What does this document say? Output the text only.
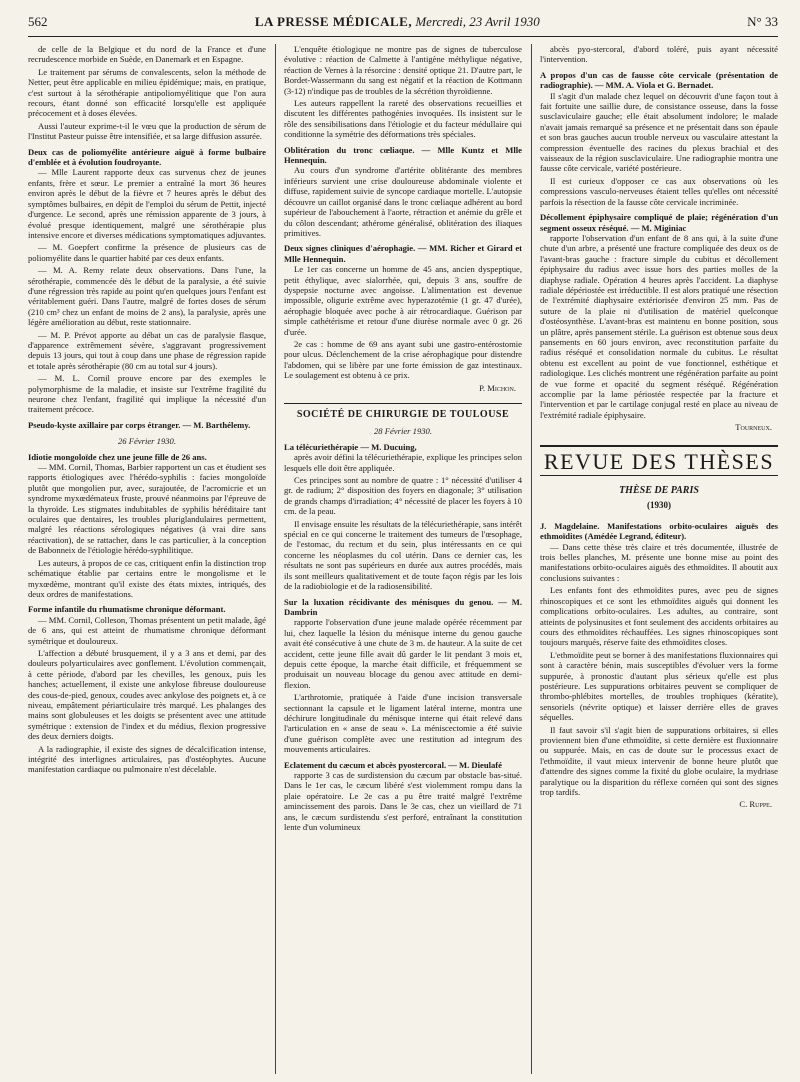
562	LA PRESSE MÉDICALE, Mercredi, 23 Avril 1930	N° 33

de celle de la Belgique et du nord de la France et d'une recrudescence morbide en Suède, en Danemark et en Espagne.

Le traitement par sérums de convalescents, selon la méthode de Netter, peut être applicable en milieu épidémique; mais, en pratique, c'est surtout à la sérothérapie antipoliomyélitique que l'on aura recours, étant donné son efficacité lorsqu'elle est appliquée précocement et à doses élevées.

Aussi l'auteur exprime-t-il le vœu que la production de sérum de l'Institut Pasteur puisse être intensifiée, et sa large diffusion assurée.

Deux cas de poliomyélite antérieure aiguë à forme bulbaire d'emblée et à évolution foudroyante.

— Mlle Laurent rapporte deux cas survenus chez de jeunes enfants, frère et sœur. Le premier a entraîné la mort 36 heures environ après le début de la fièvre et 7 heures après le début des symptômes bulbaires, en dépit de l'emploi du sérum de Pettit, injecté d'urgence. Le second, après une rémission apparente de 3 jours, à évolué presque identiquement, malgré une sérothérapie plus intensive encore et diverses médications symptomatiques adjuvantes.

— M. Goepfert confirme la présence de plusieurs cas de poliomyélite dans le quartier habité par ces deux enfants.

— M. A. Remy relate deux observations. Dans l'une, la sérothérapie, commencée dès le début de la paralysie, a été suivie d'une régression très rapide au point qu'en quelques jours l'enfant est véritablement guéri. Dans l'autre, malgré de fortes doses de sérum (210 cm³ chez un enfant de moins de 2 ans), la paralysie, après une légère amélioration au début, reste stationnaire.

— M. P. Prévot apporte au débat un cas de paralysie flasque, d'apparence extrêmement sévère, s'aggravant progressivement depuis 13 jours, qui tout à coup dans une phase de régression rapide et totale après sérothérapie (80 cm au total sur 4 jours).

— M. L. Cornil prouve encore par des exemples le polymorphisme de la maladie, et insiste sur l'extrême fragilité du neurone chez l'enfant, fragilité qui implique la nécessité d'un traitement précoce.

Pseudo-kyste axillaire par corps étranger. — M. Barthélemy.
26 Février 1930.
Idiotie mongoloïde chez une jeune fille de 26 ans.

— MM. Cornil, Thomas, Barbier rapportent un cas et étudient ses rapports étiologiques avec l'hérédo-syphilis : facies mongoloïde plutôt que mongolien pur, avec, surajoutée, de l'acromicrie et un syndrome myxœdémateux fruste, prouvé néanmoins par l'épreuve de la thyroïde. Les stigmates indubitables de syphilis héréditaire tant oculaires que dentaires, les troubles pluriglandulaires permettent, malgré les réactions sérologiques négatives (à vrai dire sans réactivation), de se rattacher, dans le cas particulier, à la conception de Babonneix de l'étiologie hérédo-syphilitique.

Les auteurs, à propos de ce cas, critiquent enfin la distinction trop schématique établie par certains entre le mongolisme et le myxœdème, montrant qu'il existe des états mixtes, intriqués, des deux ordres de manifestations.

Forme infantile du rhumatisme chronique déformant.

— MM. Cornil, Colleson, Thomas présentent un petit malade, âgé de 6 ans, qui est atteint de rhumatisme chronique déformant symétrique et douloureux.

L'affection a débuté brusquement, il y a 3 ans et demi, par des douleurs polyarticulaires avec gonflement. L'évolution commençait, à cette période, d'abord par les chevilles, les genoux, puis les hanches; actuellement, il existe une ankylose fibreuse douloureuse des cous-de-pied, genoux, coudes avec ankylose des poignets et, à ce niveau, empâtement périarticulaire très marqué. Les phalanges des mains sont globuleuses et les doigts se présentent avec une attitude symétrique : extension de l'index et du médius, flexion progressive des deux derniers doigts.

A la radiographie, il existe des signes de décalcification intense, intégrité des interlignes articulaires, pas d'ostéophytes. Aucune manifestation cardiaque ou pulmonaire n'est décelable.

L'enquête étiologique ne montre pas de signes de tuberculose évolutive : réaction de Calmette à l'antigène méthylique négative, réaction de Vernes à la résorcine : densité optique 21. D'autre part, le Bordet-Wassermann du sang est négatif et la réaction de Kottmann (3-12) n'indique pas de troubles de la sécrétion thyroïdienne.

Les auteurs rappellent la rareté des observations recueillies et discutent les différentes pathogénies invoquées. Ils insistent sur le rôle des sensibilisations dans l'étiologie et du facteur médullaire qui conditionne la symétrie des déformations très spéciales.

Oblitération du tronc cœliaque. — Mlle Kuntz et Mlle Hennequin.

Au cours d'un syndrome d'artérite oblitérante des membres inférieurs survient une crise douloureuse abdominale violente et diffuse, rapidement suivie de syncope cardiaque mortelle. L'autopsie découvre un caillot organisé dans le tronc cœliaque adhérent au bord supérieur de l'abouchement à l'aorte, rétraction et anémie du grêle et du côlon descendant; athérome généralisé, oblitération des iliaques primitives.

Deux signes cliniques d'aérophagie. — MM. Richer et Girard et Mlle Hennequin.

Le 1er cas concerne un homme de 45 ans, ancien dyspeptique, petit éthylique, avec sialorrhée, qui, depuis 3 ans, souffre de dyspepsie nocturne avec angoisse. L'alimentation est devenue impossible, oligurie extrême avec hyperazotémie (1 gr. 47 d'urée), aérophagie bloquée avec poche à air rétrocardiaque. Guérison par simple cathétérisme et retour d'une diurèse normale avec 0 gr. 26 d'urée.

2e cas : homme de 69 ans ayant subi une gastro-entérostomie pour ulcus. Déclenchement de la crise aérophagique pour distendre l'abdomen, qui se libère par une forte émission de gaz intestinaux. Le soulagement est obtenu à ce prix.

P. Michon.
SOCIÉTÉ DE CHIRURGIE DE TOULOUSE
28 Février 1930.
La télécuriethérapie — M. Ducuing,

après avoir défini la télécuriethérapie, explique les principes selon lesquels elle doit être appliquée.

Ces principes sont au nombre de quatre : 1° nécessité d'utiliser 4 gr. de radium; 2° disposition des foyers en diagonale; 3° utilisation de grands champs d'irradiation; 4° nécessité de placer les foyers à 10 cm. de la peau.

Il envisage ensuite les résultats de la télécuriethérapie, sans intérêt spécial en ce qui concerne le traitement des tumeurs de l'œsophage, de l'estomac, du rectum et du sein, plus intéressants en ce qui concerne les néoplasmes du col utérin. Dans ce dernier cas, les résultats ne sont pas supérieurs en durée aux autres procédés, mais ils sont meilleurs qualitativement et de toute façon régis par les lois de la radiobiologie et de la radiosensibilité.

Sur la luxation récidivante des ménisques du genou. — M. Dambrin

rapporte l'observation d'une jeune malade opérée récemment par lui, chez laquelle la lésion du ménisque interne du genou gauche avait été consécutive à une chute de 3 m. de hauteur. A la suite de cet accident, cette jeune fille avait dû garder le lit pendant 3 mois et, depuis cette époque, la marche était difficile, et fréquemment se produisait un nouveau blocage du genou avec attitude en demi-flexion.

L'arthrotomie, pratiquée à l'aide d'une incision transversale sectionnant la capsule et le ligament latéral interne, montra une déchirure longitudinale du ménisque interne qui était relevé dans l'articulation en « anse de seau ». La méniscectomie a été suivie d'une guérison complète avec une restitution ad integrum des mouvements articulaires.

Eclatement du cæcum et abcès pyostercoral. — M. Dieulafé

rapporte 3 cas de surdistension du cæcum par obstacle bas-situé. Dans le 1er cas, le cæcum libéré s'est violemment rompu dans la plaie opératoire. Le 2e cas a pu être traité malgré l'extrême amincissement des parois. Dans le 3e cas, chez un vieillard de 71 ans, le cæcum surdistendu s'est perforé, entraînant la constitution lente d'un volumineux

abcès pyo-stercoral, d'abord toléré, puis ayant nécessité l'intervention.

A propos d'un cas de fausse côte cervicale (présentation de radiographie). — MM. A. Viola et G. Bernadet.

Il s'agit d'un malade chez lequel on découvrit d'une façon tout à fait fortuite une saillie dure, de consistance osseuse, dans la fosse susclaviculaire gauche; elle était absolument indolore; le malade n'avait jamais remarqué sa présence et ne présentait dans son épaule et son bras gauches aucun trouble nerveux ou vasculaire attestant la compression éventuelle des racines du plexus brachial et des vaisseaux de la région susclaviculaire. Une radiographie montra une fausse côte cervicale, variété postérieure.

Il est curieux d'opposer ce cas aux observations où les compressions vasculo-nerveuses étaient telles qu'elles ont nécessité parfois la résection de la fausse côte cervicale incriminée.

Décollement épiphysaire compliqué de plaie; régénération d'un segment osseux réséqué. — M. Miginiac

rapporte l'observation d'un enfant de 8 ans qui, à la suite d'une chute d'un arbre, a présenté une fracture compliquée des deux os de l'avant-bras gauche : fracture simple du cubitus et décollement épiphysaire du radius avec issue hors des parties molles de la diaphyse radiale. Opération 4 heures après l'accident. La diaphyse radiale dépériostée est irréductible. Il est alors pratiqué une résection de l'extrémité diaphysaire extériorisée d'environ 25 mm. Pas de suture de la plaie ni d'utilisation de matériel quelconque d'ostéosynthèse. L'avant-bras est maintenu en bonne position, sous un plâtre, après pansement stérile. La guérison est obtenue sous deux pansements en 60 jours environ, avec reconstitution parfaite du radius réséqué et consolidation normale du cubitus. Le résultat obtenu est excellent au point de vue fonctionnel, esthétique et radiologique. Les clichés montrent une régénération parfaite au point de vue forme et opacité du segment réséqué. Régénération accomplie par la lame périostée respectée par la fracture et l'intervention et par le cartilage conjugal resté en place au niveau de l'extrémité radiale épiphysaire.

Tourneux.
REVUE DES THÈSES
THÈSE DE PARIS
(1930)
J. Magdelaine. Manifestations orbito-oculaires aiguës des ethmoïdites (Amédée Legrand, éditeur).

— Dans cette thèse très claire et très documentée, illustrée de trois belles planches, M. présente une bonne mise au point des manifestations orbito-oculaires aiguës des ethmoïdites. Il aboutit aux conclusions suivantes :

Les enfants font des ethmoïdites pures, avec peu de signes rhinoscopiques et ce sont les ethmoïdites aiguës qui donnent les complications orbito-oculaires. Les adultes, au contraire, sont atteints de polysinusites et font seulement des accidents orbitaires au cours des ethmoïdites réchauffées. Les signes rhinoscopiques sont toujours marqués, réserve faite des ethmoïdites closes.

L'ethmoïdite peut se borner à des manifestations fluxionnaires qui sont à caractère bénin, mais susceptibles d'évoluer vers la forme suppurée, à pronostic d'autant plus sérieux qu'elle est plus postérieure. Les suppurations orbitaires peuvent se compliquer de thrombo-phlébites mortelles, de troubles trophiques (kératite), sensoriels (névrite optique) et laisser derrière elles de graves séquelles.

Il faut savoir s'il s'agit bien de suppurations orbitaires, si elles proviennent bien d'une ethmoïdite, si cette dernière est fluxionnaire ou suppurée. Mais, en cas de doute sur le processus exact de l'ethmoïdite, il vaut mieux intervenir de bonne heure plutôt que d'attendre des signes comme la fixité du globe oculaire, la mydriase paralytique ou la disparition du réflexe cornéen qui sont des signes trop tardifs.

C. Ruppe.
